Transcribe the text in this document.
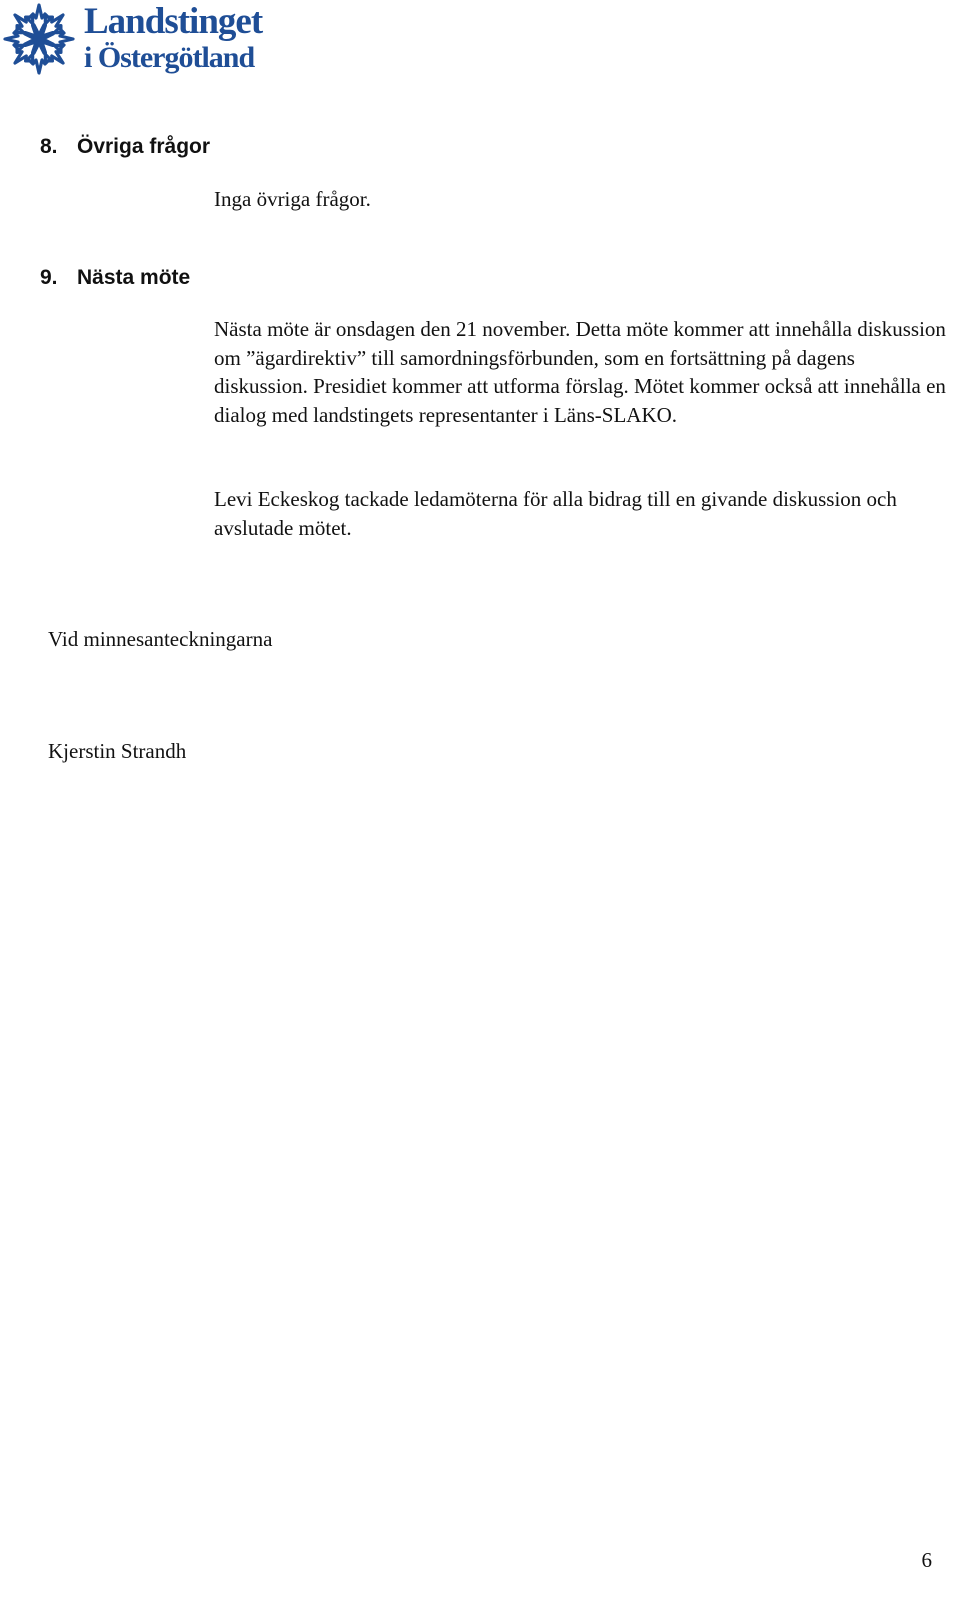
Landstinget
i Östergötland
8. Övriga frågor

Inga övriga frågor.

9. Nästa möte

Nästa möte är onsdagen den 21 november. Detta möte kommer att innehålla diskussion om ”ägardirektiv” till samordningsförbunden, som en fortsättning på dagens diskussion. Presidiet kommer att utforma förslag. Mötet kommer också att innehålla en dialog med landstingets representanter i Läns-SLAKO.

Levi Eckeskog tackade ledamöterna för alla bidrag till en givande diskussion och avslutade mötet.

Vid minnesanteckningarna
Kjerstin Strandh
6
